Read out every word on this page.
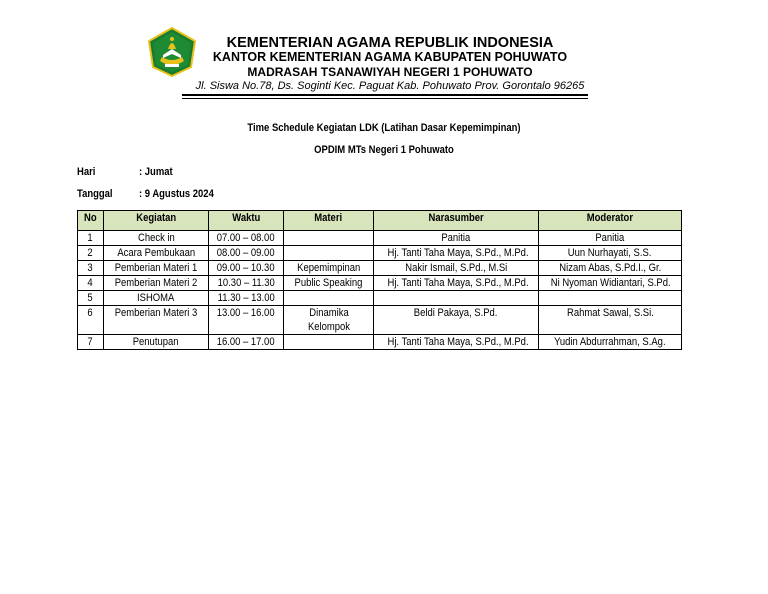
KEMENTERIAN AGAMA REPUBLIK INDONESIA
KANTOR KEMENTERIAN AGAMA KABUPATEN POHUWATO
MADRASAH TSANAWIYAH NEGERI 1 POHUWATO
Jl. Siswa No.78, Ds. Soginti Kec. Paguat Kab. Pohuwato Prov. Gorontalo 96265
Time Schedule Kegiatan LDK (Latihan Dasar Kepemimpinan)
OPDIM MTs Negeri 1 Pohuwato
Hari	: Jumat
Tanggal : 9 Agustus 2024
No	Kegiatan	Waktu	Materi	Narasumber	Moderator
1	Check in	07.00 – 08.00		Panitia	Panitia
2	Acara Pembukaan	08.00 – 09.00		Hj. Tanti Taha Maya, S.Pd., M.Pd.	Uun Nurhayati, S.S.
3	Pemberian Materi 1	09.00 – 10.30	Kepemimpinan	Nakir Ismail, S.Pd., M.Si	Nizam Abas, S.Pd.I., Gr.
4	Pemberian Materi 2	10.30 – 11.30	Public Speaking	Hj. Tanti Taha Maya, S.Pd., M.Pd.	Ni Nyoman Widiantari, S.Pd.
5	ISHOMA	11.30 – 13.00			
6	Pemberian Materi 3	13.00 – 16.00	Dinamika Kelompok	Beldi Pakaya, S.Pd.	Rahmat Sawal, S.Si.
7	Penutupan	16.00 – 17.00		Hj. Tanti Taha Maya, S.Pd., M.Pd.	Yudin Abdurrahman, S.Ag.
